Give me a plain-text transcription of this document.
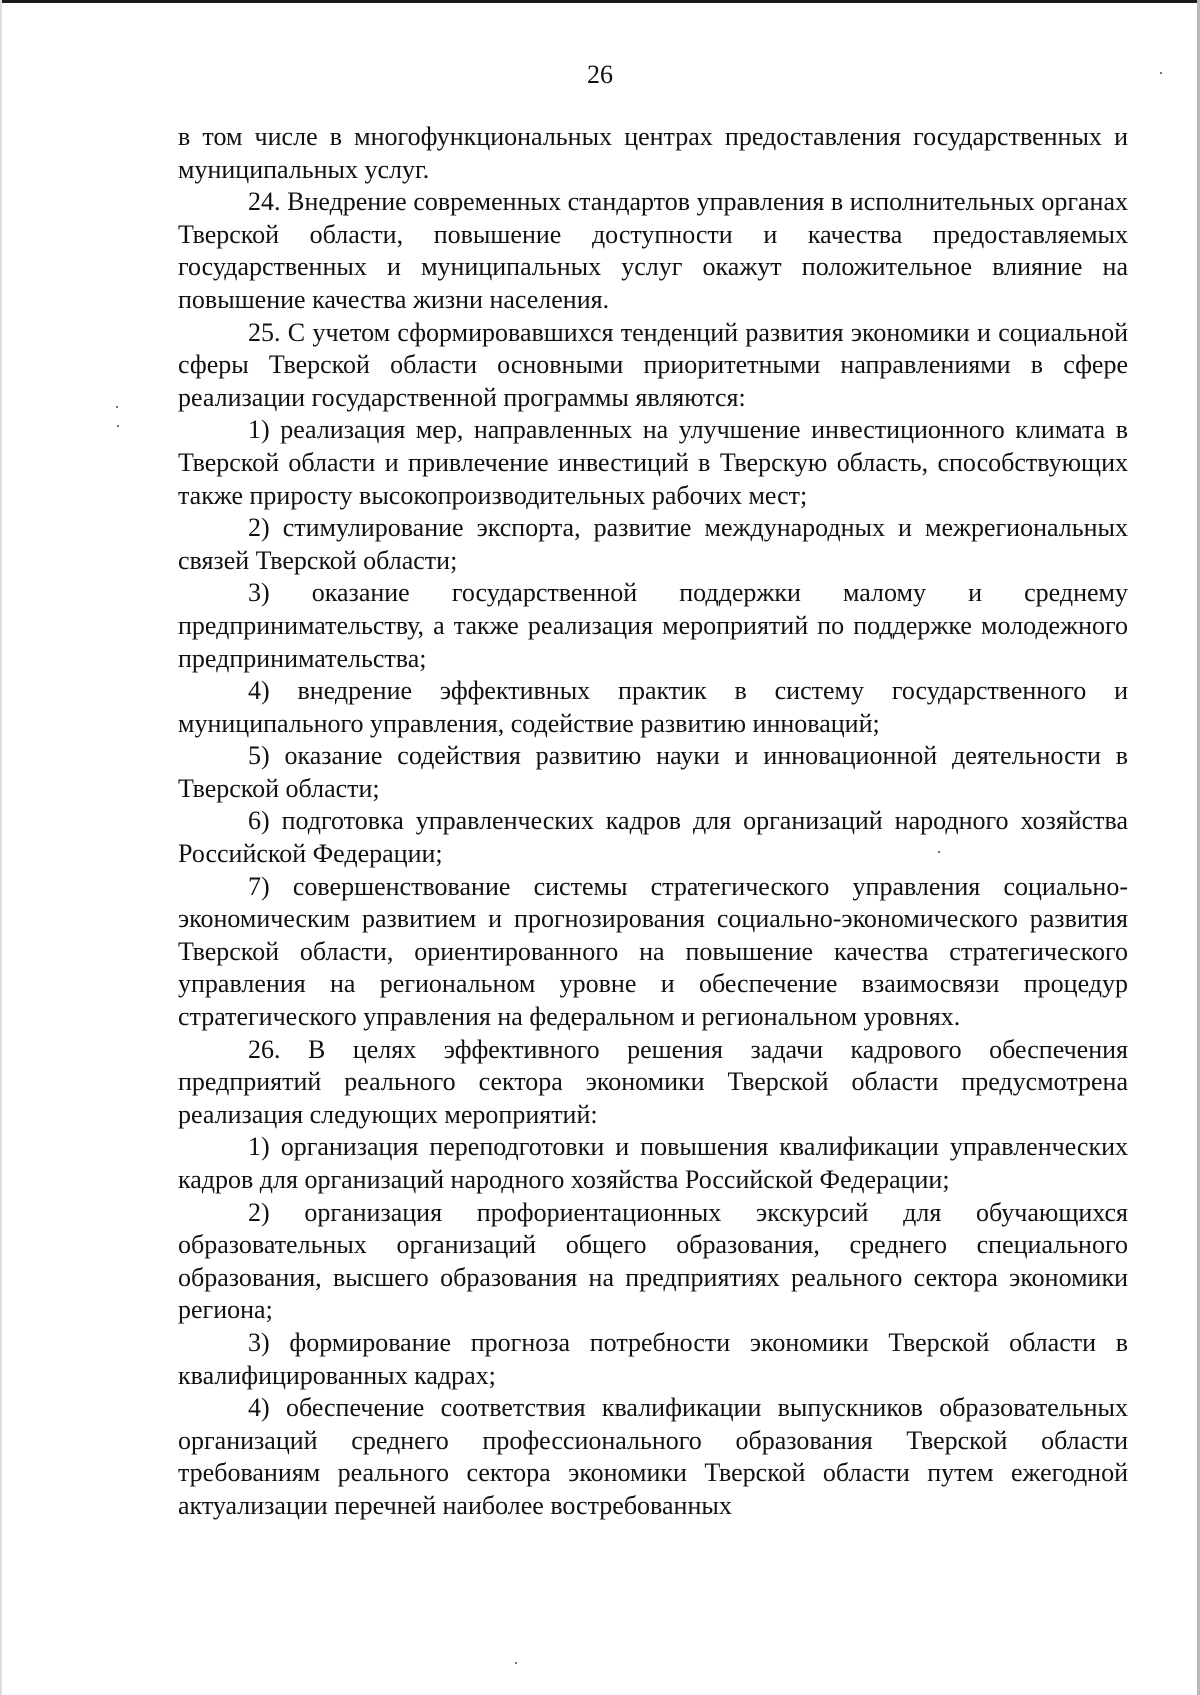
26

в том числе в многофункциональных центрах предоставления государственных и муниципальных услуг.

24. Внедрение современных стандартов управления в исполнительных органах Тверской области, повышение доступности и качества предоставляемых государственных и муниципальных услуг окажут положительное влияние на повышение качества жизни населения.

25. С учетом сформировавшихся тенденций развития экономики и социальной сферы Тверской области основными приоритетными направлениями в сфере реализации государственной программы являются:

1) реализация мер, направленных на улучшение инвестиционного климата в Тверской области и привлечение инвестиций в Тверскую область, способствующих также приросту высокопроизводительных рабочих мест;

2) стимулирование экспорта, развитие международных и межрегиональных связей Тверской области;

3) оказание государственной поддержки малому и среднему предпринимательству, а также реализация мероприятий по поддержке молодежного предпринимательства;

4) внедрение эффективных практик в систему государственного и муниципального управления, содействие развитию инноваций;

5) оказание содействия развитию науки и инновационной деятельности в Тверской области;

6) подготовка управленческих кадров для организаций народного хозяйства Российской Федерации;

7) совершенствование системы стратегического управления социально-экономическим развитием и прогнозирования социально-экономического развития Тверской области, ориентированного на повышение качества стратегического управления на региональном уровне и обеспечение взаимосвязи процедур стратегического управления на федеральном и региональном уровнях.

26. В целях эффективного решения задачи кадрового обеспечения предприятий реального сектора экономики Тверской области предусмотрена реализация следующих мероприятий:

1) организация переподготовки и повышения квалификации управленческих кадров для организаций народного хозяйства Российской Федерации;

2) организация профориентационных экскурсий для обучающихся образовательных организаций общего образования, среднего специального образования, высшего образования на предприятиях реального сектора экономики региона;

3) формирование прогноза потребности экономики Тверской области в квалифицированных кадрах;

4) обеспечение соответствия квалификации выпускников образовательных организаций среднего профессионального образования Тверской области требованиям реального сектора экономики Тверской области путем ежегодной актуализации перечней наиболее востребованных
